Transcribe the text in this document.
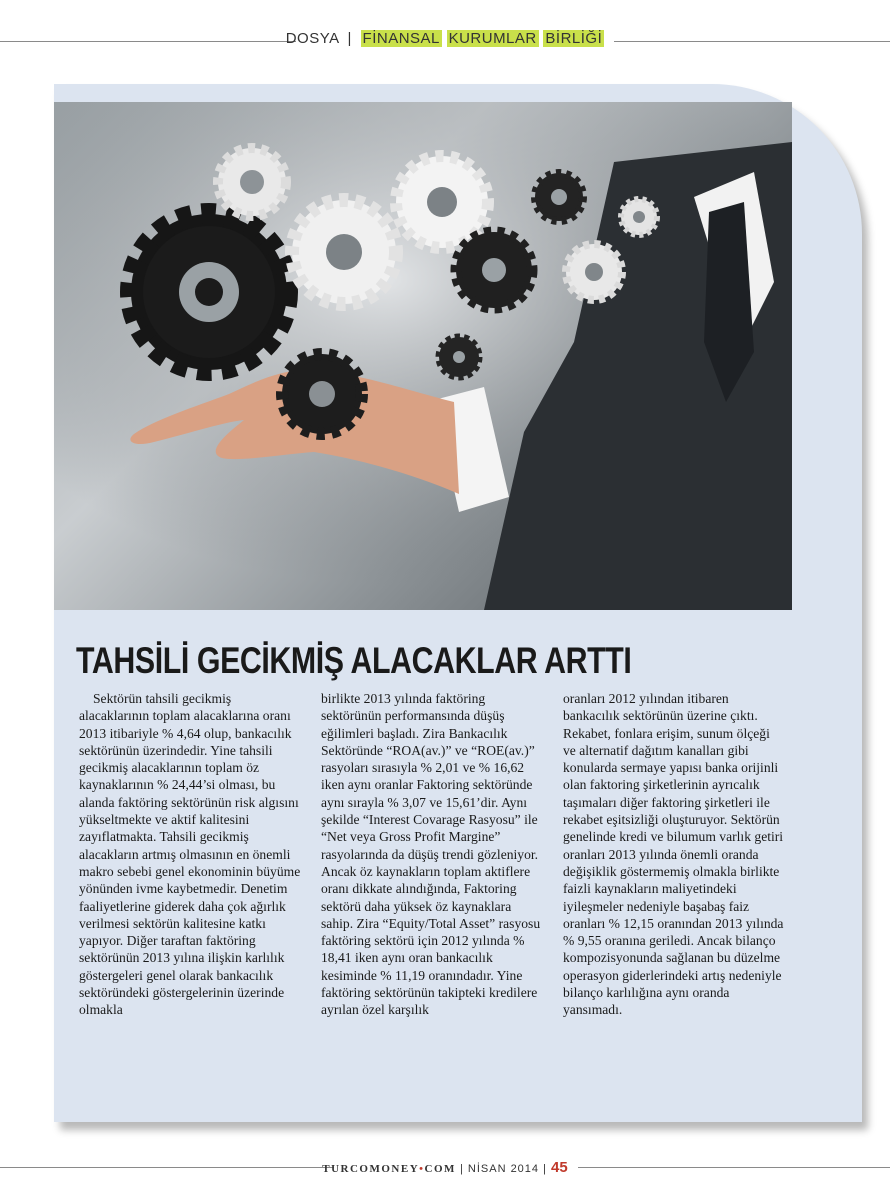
DOSYA | FİNANSAL KURUMLAR BİRLİĞİ
TAHSİLİ GECİKMİŞ ALACAKLAR ARTTI

Sektörün tahsili gecikmiş alacaklarının toplam alacaklarına oranı 2013 itibariyle % 4,64 olup, bankacılık sektörünün üzerindedir. Yine tahsili gecikmiş alacaklarının toplam öz kaynaklarının % 24,44’si olması, bu alanda faktöring sektörünün risk algısını yükseltmekte ve aktif kalitesini zayıflatmakta. Tahsili gecikmiş alacakların artmış olmasının en önemli makro sebebi genel ekonominin büyüme yönünden ivme kaybetmedir. Denetim faaliyetlerine giderek daha çok ağırlık verilmesi sektörün kalitesine katkı yapıyor. Diğer taraftan faktöring sektörünün 2013 yılına ilişkin karlılık göstergeleri genel olarak bankacılık sektöründeki göstergelerinin üzerinde olmakla

birlikte 2013 yılında faktöring sektörünün performansında düşüş eğilimleri başladı. Zira Bankacılık Sektöründe “ROA(av.)” ve “ROE(av.)” rasyoları sırasıyla % 2,01 ve % 16,62 iken aynı oranlar Faktoring sektöründe aynı sırayla % 3,07 ve 15,61’dir. Aynı şekilde “Interest Covarage Rasyosu” ile “Net veya Gross Profit Margine” rasyolarında da düşüş trendi gözleniyor. Ancak öz kaynakların toplam aktiflere oranı dikkate alındığında, Faktoring sektörü daha yüksek öz kaynaklara sahip. Zira “Equity/Total Asset” rasyosu faktöring sektörü için 2012 yılında % 18,41 iken aynı oran bankacılık kesiminde % 11,19 oranındadır. Yine faktöring sektörünün takipteki kredilere ayrılan özel karşılık

oranları 2012 yılından itibaren bankacılık sektörünün üzerine çıktı. Rekabet, fonlara erişim, sunum ölçeği ve alternatif dağıtım kanalları gibi konularda sermaye yapısı banka orijinli olan faktoring şirketlerinin ayrıcalık taşımaları diğer faktoring şirketleri ile rekabet eşitsizliği oluşturuyor. Sektörün genelinde kredi ve bilumum varlık getiri oranları 2013 yılında önemli oranda değişiklik göstermemiş olmakla birlikte faizli kaynakların maliyetindeki iyileşmeler nedeniyle başabaş faiz oranları % 12,15 oranından 2013 yılında % 9,55 oranına geriledi. Ancak bilanço kompozisyonunda sağlanan bu düzelme operasyon giderlerindeki artış nedeniyle bilanço karlılığına aynı oranda yansımadı.

TURCOMONEY•COM | NİSAN 2014 | 45
